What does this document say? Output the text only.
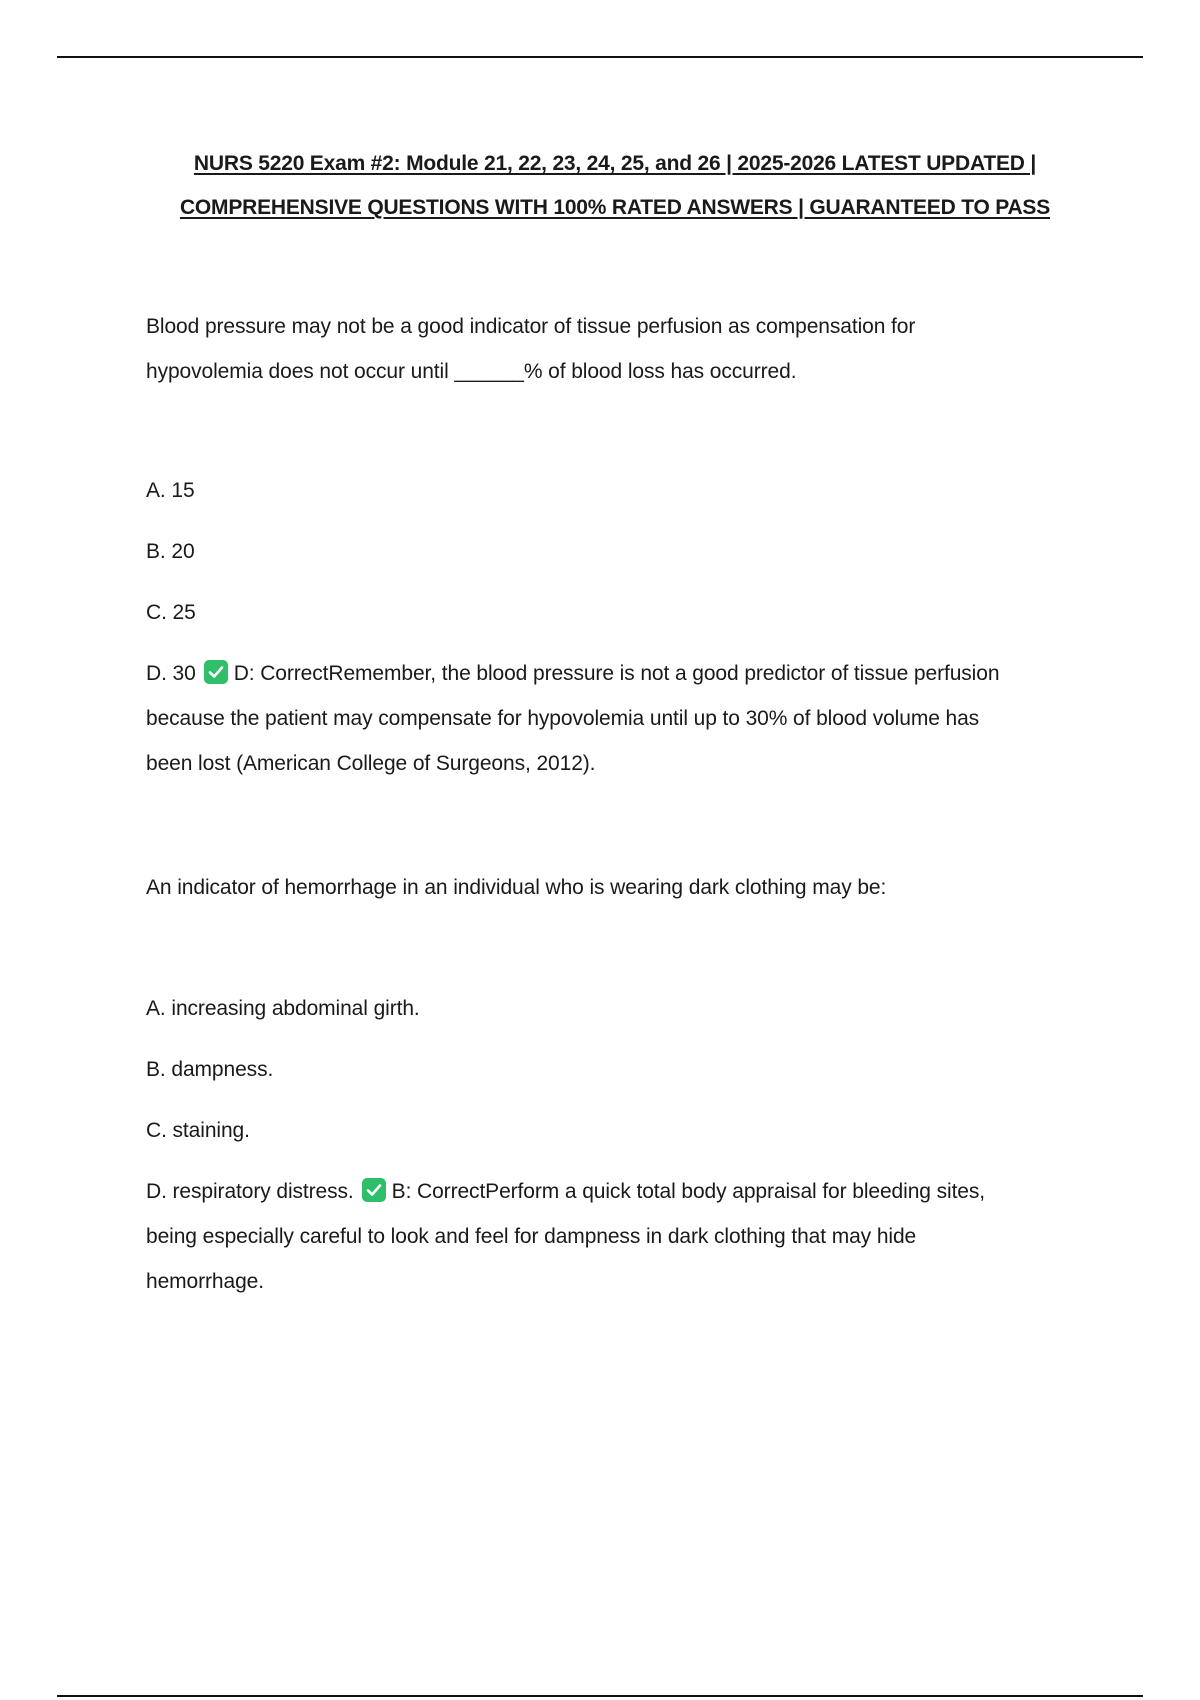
NURS 5220 Exam #2: Module 21, 22, 23, 24, 25, and 26 | 2025-2026 LATEST UPDATED |
COMPREHENSIVE QUESTIONS WITH 100% RATED ANSWERS | GUARANTEED TO PASS

Blood pressure may not be a good indicator of tissue perfusion as compensation for
hypovolemia does not occur until ______% of blood loss has occurred.

A. 15

B. 20

C. 25

D. 30 D: CorrectRemember, the blood pressure is not a good predictor of tissue perfusion
because the patient may compensate for hypovolemia until up to 30% of blood volume has
been lost (American College of Surgeons, 2012).

An indicator of hemorrhage in an individual who is wearing dark clothing may be:

A. increasing abdominal girth.

B. dampness.

C. staining.

D. respiratory distress. B: CorrectPerform a quick total body appraisal for bleeding sites,
being especially careful to look and feel for dampness in dark clothing that may hide
hemorrhage.
